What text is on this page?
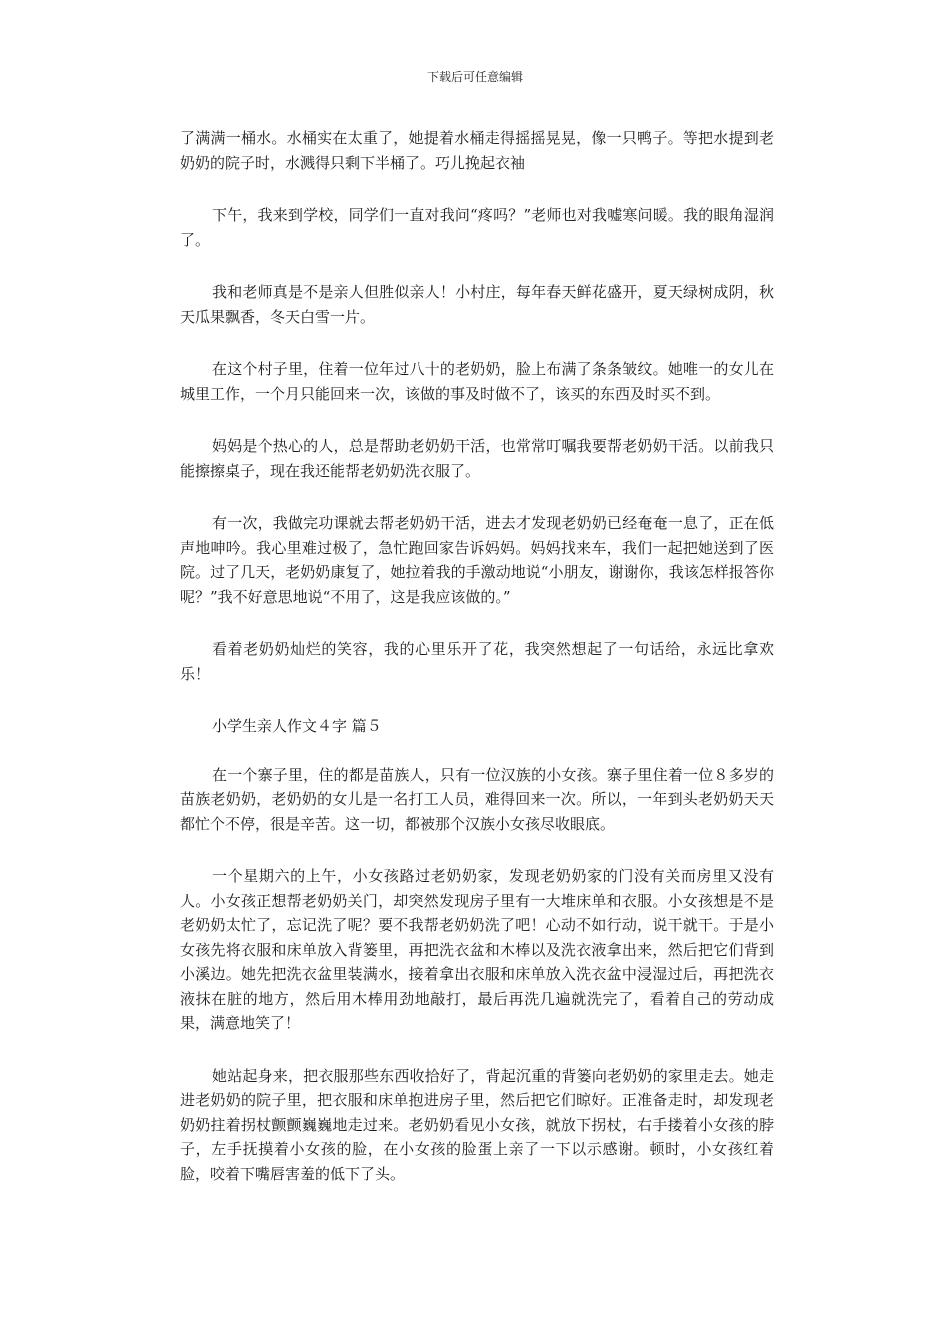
下载后可任意编辑

了满满一桶水。水桶实在太重了，她提着水桶走得摇摇晃晃，像一只鸭子。等把水提到老奶奶的院子时，水溅得只剩下半桶了。巧儿挽起衣袖

下午，我来到学校，同学们一直对我问“疼吗？”老师也对我嘘寒问暖。我的眼角湿润了。

我和老师真是不是亲人但胜似亲人！小村庄，每年春天鲜花盛开，夏天绿树成阴，秋天瓜果飘香，冬天白雪一片。

在这个村子里，住着一位年过八十的老奶奶，脸上布满了条条皱纹。她唯一的女儿在城里工作，一个月只能回来一次，该做的事及时做不了，该买的东西及时买不到。

妈妈是个热心的人，总是帮助老奶奶干活，也常常叮嘱我要帮老奶奶干活。以前我只能擦擦桌子，现在我还能帮老奶奶洗衣服了。

有一次，我做完功课就去帮老奶奶干活，进去才发现老奶奶已经奄奄一息了，正在低声地呻吟。我心里难过极了，急忙跑回家告诉妈妈。妈妈找来车，我们一起把她送到了医院。过了几天，老奶奶康复了，她拉着我的手激动地说“小朋友，谢谢你，我该怎样报答你呢？”我不好意思地说“不用了，这是我应该做的。”

看着老奶奶灿烂的笑容，我的心里乐开了花，我突然想起了一句话给，永远比拿欢乐！

小学生亲人作文４字 篇５

在一个寨子里，住的都是苗族人，只有一位汉族的小女孩。寨子里住着一位８多岁的苗族老奶奶，老奶奶的女儿是一名打工人员，难得回来一次。所以，一年到头老奶奶天天都忙个不停，很是辛苦。这一切，都被那个汉族小女孩尽收眼底。

一个星期六的上午，小女孩路过老奶奶家，发现老奶奶家的门没有关而房里又没有人。小女孩正想帮老奶奶关门，却突然发现房子里有一大堆床单和衣服。小女孩想是不是老奶奶太忙了，忘记洗了呢？要不我帮老奶奶洗了吧！心动不如行动，说干就干。于是小女孩先将衣服和床单放入背篓里，再把洗衣盆和木棒以及洗衣液拿出来，然后把它们背到小溪边。她先把洗衣盆里装满水，接着拿出衣服和床单放入洗衣盆中浸湿过后，再把洗衣液抹在脏的地方，然后用木棒用劲地敲打，最后再洗几遍就洗完了，看着自己的劳动成果，满意地笑了！

她站起身来，把衣服那些东西收拾好了，背起沉重的背篓向老奶奶的家里走去。她走进老奶奶的院子里，把衣服和床单抱进房子里，然后把它们晾好。正准备走时，却发现老奶奶拄着拐杖颤颤巍巍地走过来。老奶奶看见小女孩，就放下拐杖，右手搂着小女孩的脖子，左手抚摸着小女孩的脸，在小女孩的脸蛋上亲了一下以示感谢。顿时，小女孩红着脸，咬着下嘴唇害羞的低下了头。
